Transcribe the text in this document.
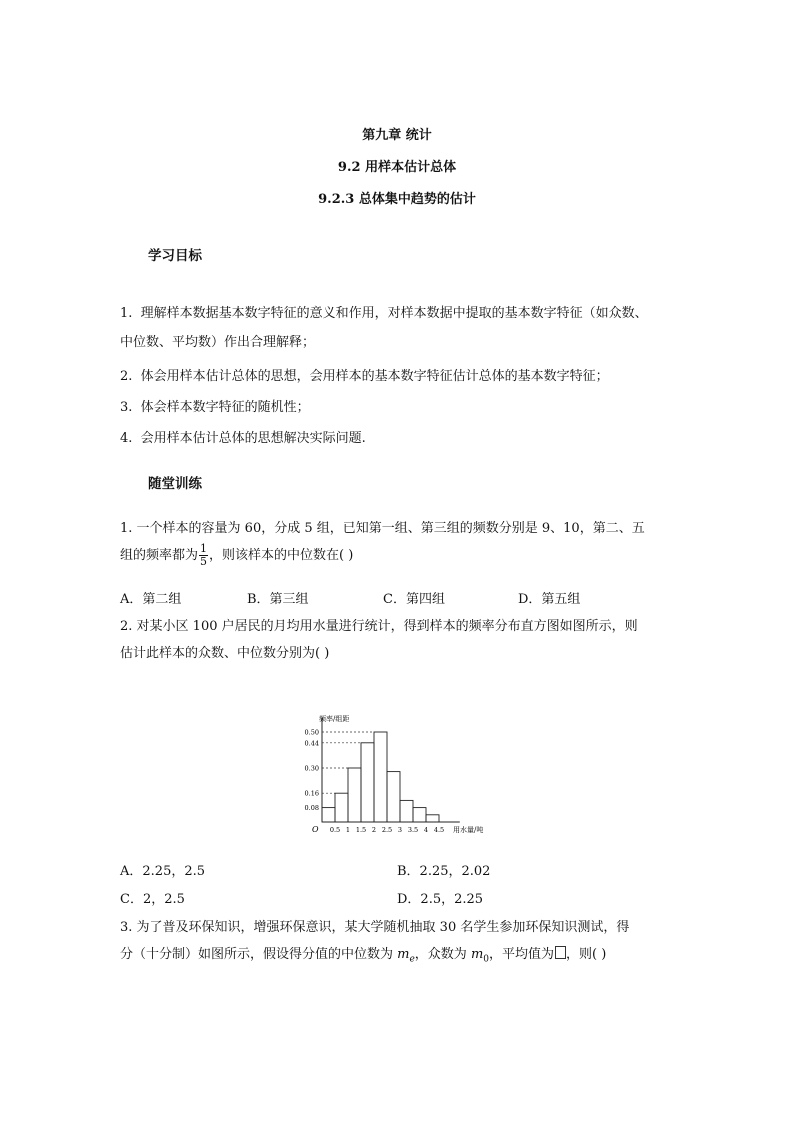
第九章 统计
9.2 用样本估计总体
9.2.3 总体集中趋势的估计
学习目标
1. 理解样本数据基本数字特征的意义和作用，对样本数据中提取的基本数字特征（如众数、
中位数、平均数）作出合理解释；
2. 体会用样本估计总体的思想，会用样本的基本数字特征估计总体的基本数字特征；
3. 体会样本数字特征的随机性；
4. 会用样本估计总体的思想解决实际问题.
随堂训练
1. 一个样本的容量为 60，分成 5 组，已知第一组、第三组的频数分别是 9、10，第二、五
组的频率都为 $\frac{1}{5}$ ，则该样本的中位数在( )
A．第二组	B．第三组	C．第四组	D．第五组
2. 对某小区 100 户居民的月均用水量进行统计，得到样本的频率分布直方图如图所示，则
估计此样本的众数、中位数分别为( )
频率/组距
用水量/吨
O
0.08
0.16
0.30
0.44
0.50
0.5 1 1.5 2 2.5 3 3.5 4 4.5
A．2.25，2.5	B．2.25，2.02
C．2，2.5	D．2.5，2.25
3. 为了普及环保知识，增强环保意识，某大学随机抽取 30 名学生参加环保知识测试，得
分（十分制）如图所示，假设得分值的中位数为 $m_e$，众数为 $m_0$，平均值为 ，则( )
